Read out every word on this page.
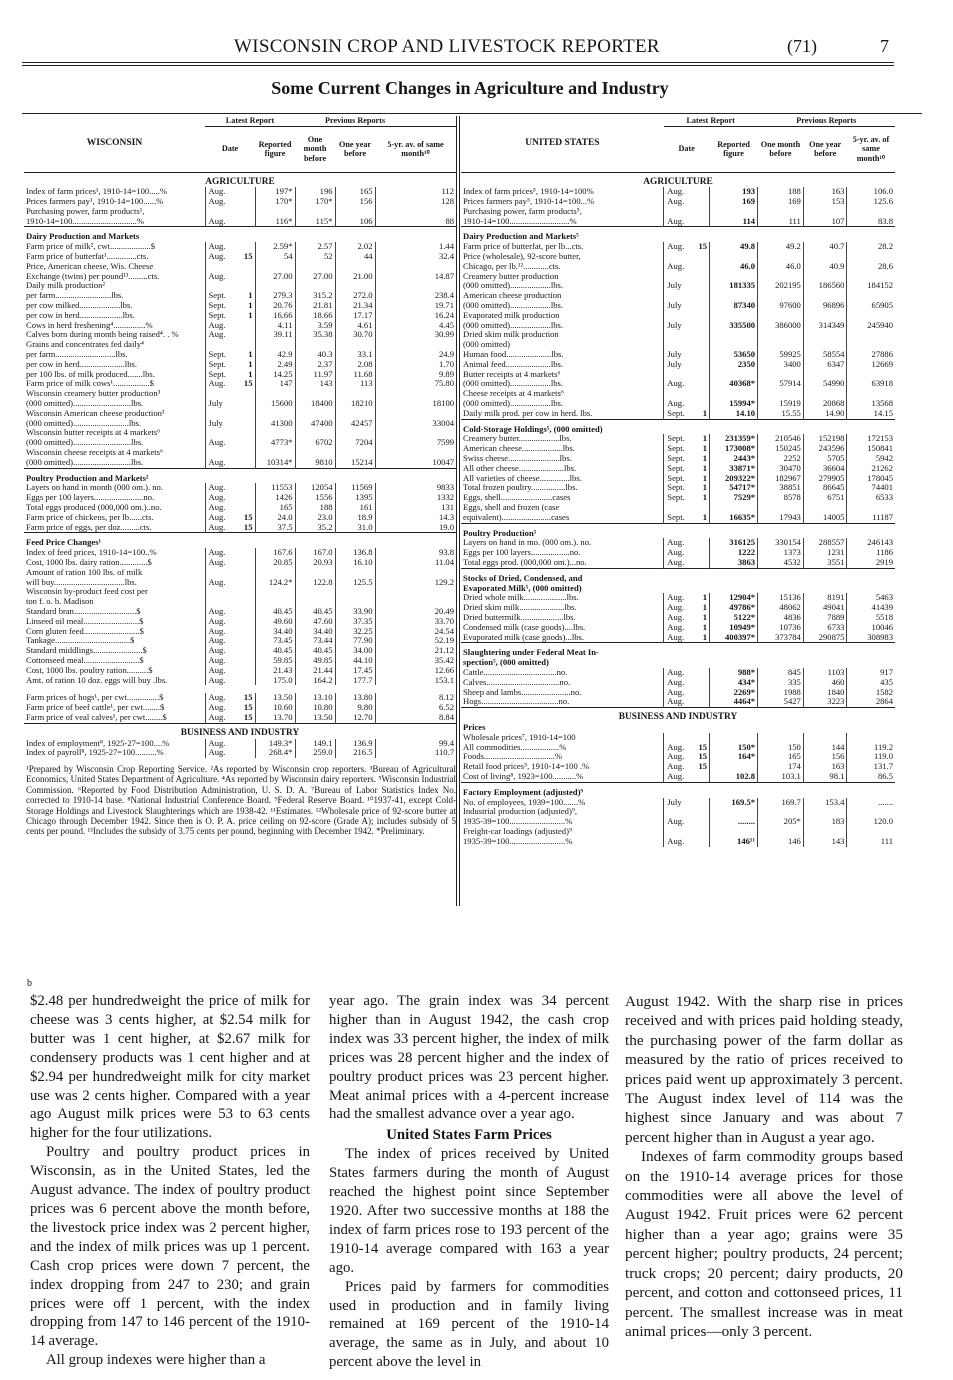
WISCONSIN CROP AND LIVESTOCK REPORTER	(71)	7
Some Current Changes in Agriculture and Industry
WISCONSIN	Latest Report			Previous Reports			
	Date		Reported figure	One month before	One year before	5-yr. av. of same month¹⁰	
AGRICULTURE							
Index of farm prices¹, 1910-14=100.....%	Aug.		197*	196	165	112	
Prices farmers pay¹, 1910-14=100......%	Aug.		170*	170*	156	128	
Purchasing power, farm products¹,							
1910-14=100..............................%	Aug.		116*	115*	106	88	
Dairy Production and Markets							
Farm price of milk², cwt...................$	Aug.		2.59*	2.57	2.02	1.44	
Farm price of butterfat¹..............cts.	Aug.	15	54	52	44	32.4	
Price, American cheese, Wis. Cheese							
Exchange (twins) per pound¹³.........cts.	Aug.		27.00	27.00	21.00	14.87	
Daily milk production²							
per farm..........................lbs.	Sept.	1	279.3	315.2	272.0	238.4	
per cow milked...................lbs.	Sept.	1	20.76	21.81	21.34	19.71	
per cow in herd....................lbs.	Sept.	1	16.66	18.66	17.17	16.24	
Cows in herd freshening⁴...............%	Aug.		4.11	3.59	4.61	4.45	
Calves born during month being raised⁴. . %	Aug.		39.11	35.38	30.70	30.99	
Grains and concentrates fed daily⁴							
per farm............................lbs.	Sept.	1	42.9	40.3	33.1	24.9	
per cow in herd.....................lbs.	Sept.	1	2.49	2.37	2.08	1.70	
per 100 lbs. of milk produced.......lbs.	Sept.	1	14.25	11.97	11.68	9.89	
Farm price of milk cows¹.................$	Aug.	15	147	143	113	75.80	
Wisconsin creamery butter production³							
(000 omitted)...........................lbs.	July		15600	18400	18210	18100	
Wisconsin American cheese production³							
(000 omitted)..........................lbs.	July		41300	47400	42457	33004	
Wisconsin butter receipts at 4 markets⁶							
(000 omitted)...........................lbs.	Aug.		4773*	6702	7204	7599	
Wisconsin cheese receipts at 4 markets⁶							
(000 omitted)...........................lbs.	Aug.		10314*	9810	15214	10047	
Poultry Production and Markets²							
Layers on hand in month (000 om.). no.	Aug.		11553	12054	11569	9833	
Eggs per 100 layers.......................no.	Aug.		1426	1556	1395	1332	
Total eggs produced (000,000 om.)..no.	Aug.		165	188	161	131	
Farm price of chickens, per lb......cts.	Aug.	15	24.0	23.0	18.9	14.3	
Farm price of eggs, per doz.........cts.	Aug.	15	37.5	35.2	31.0	19.0	
Feed Price Changes¹							
Index of feed prices, 1910-14=100..%	Aug.		167.6	167.0	136.8	93.8	
Cost, 1000 lbs. dairy ration.............$	Aug.		20.85	20.93	16.10	11.04	
Amount of ration 100 lbs. of milk							
will buy.................................lbs.	Aug.		124.2*	122.8	125.5	129.2	
Wisconsin by-product feed cost per							
ton f. o. b. Madison							
Standard bran.............................$	Aug.		40.45	40.45	33.90	20.49	
Linseed oil meal..........................$	Aug.		49.60	47.60	37.35	33.70	
Corn gluten feed..........................$	Aug.		34.40	34.40	32.25	24.54	
Tankage...................................$	Aug.		73.45	73.44	77.90	52.19	
Standard middlings.......................$	Aug.		40.45	40.45	34.00	21.12	
Cottonseed meal..........................$	Aug.		59.85	49.85	44.10	35.42	
Cost, 1000 lbs. poultry ration..........$	Aug.		21.43	21.44	17.45	12.66	
Amt. of ration 10 doz. eggs will buy .lbs.	Aug.		175.0	164.2	177.7	153.1	

Farm prices of hogs¹, per cwt...............$	Aug.	15	13.50	13.10	13.80	8.12	
Farm price of beef cattle¹, per cwt........$	Aug.	15	10.60	10.80	9.80	6.52	
Farm price of veal calves¹, per cwt........$	Aug.	15	13.70	13.50	12.70	8.84	
BUSINESS AND INDUSTRY							
Index of employment⁸, 1925-27=100....%	Aug.		149.3*	149.1	136.9	99.4	
Index of payroll⁸, 1925-27=100..........%	Aug.		268.4*	259.0	216.5	110.7	
UNITED STATES	Latest Report			Previous Reports		
	Date		Reported figure	One month before	One year before	5-yr. av. of same month¹⁰
AGRICULTURE						
Index of farm prices⁵, 1910-14=100%	Aug.		193	188	163	106.0
Prices farmers pay⁵, 1910-14=100...%	Aug.		169	169	153	125.6
Purchasing power, farm products⁵,						
1910-14=100............................%	Aug.		114	111	107	83.8
Dairy Production and Markets⁵						
Farm price of butterfat, per lb...cts.	Aug.	15	49.8	49.2	40.7	28.2
Price (wholesale), 92-score butter,						
Chicago, per lb.¹²............cts.	Aug.		46.0	46.0	40.9	28.6
Creamery butter production						
(000 omitted)...................lbs.	July		181335	202195	186560	184152
American cheese production						
(000 omitted)...................lbs.	July		87340	97600	96896	65905
Evaporated milk production						
(000 omitted)...................lbs.	July		335500	386000	314349	245940
Dried skim milk production						
(000 omitted)						
Human food.....................lbs.	July		53650	59925	58554	27886
Animal feed.....................lbs.	July		2350	3400	6347	12669
Butter receipts at 4 markets⁶						
(000 omitted)...................lbs.	Aug.		40368*	57914	54990	63918
Cheese receipts at 4 markets⁶						
(000 omitted)...................lbs.	Aug.		15994*	15919	20868	13568
Daily milk prod. per cow in herd. lbs.	Sept.	1	14.10	15.55	14.90	14.15
Cold-Storage Holdings⁵, (000 omitted)						
Creamery butter...................lbs.	Sept.	1	231359*	210546	152198	172153
American cheese...................lbs.	Sept.	1	173008*	150245	243596	150841
Swiss cheese........................lbs.	Sept.	1	2443*	2252	5705	5942
All other cheese.....................lbs.	Sept.	1	33871*	30470	36604	21262
All varieties of cheese..............lbs.	Sept.	1	209322*	182967	279905	178045
Total frozen poultry................lbs.	Sept.	1	54717*	38851	86645	74401
Eggs, shell........................cases	Sept.	1	7529*	8578	6751	6533
Eggs, shell and frozen (case						
equivalent).......................cases	Sept.	1	16635*	17943	14005	11187
Poultry Production⁵						
Layers on hand in mo. (000 om.). no.	Aug.		316125	330154	288557	246143
Eggs per 100 layers..................no.	Aug.		1222	1373	1231	1186
Total eggs prod. (000,000 om.)...no.	Aug.		3863	4532	3551	2919
Stocks of Dried, Condensed, and						
Evaporated Milk⁵, (000 omitted)						
Dried whole milk....................lbs.	Aug.	1	12904*	15136	8191	5463
Dried skim milk.....................lbs.	Aug.	1	49786*	48062	49041	41439
Dried buttermilk....................lbs.	Aug.	1	5122*	4836	7889	5518
Condensed milk (case goods)....lbs.	Aug.	1	10949*	10736	6733	10046
Evaporated milk (case goods)...lbs.	Aug.	1	400397*	373784	290875	308983
Slaughtering under Federal Meat In-						
spection⁵, (000 omitted)						
Cattle..................................no.	Aug.		988*	845	1103	917
Calves..................................no.	Aug.		434*	335	460	435
Sheep and lambs.......................no.	Aug.		2269*	1988	1840	1582
Hogs....................................no.	Aug.		4464*	5427	3223	2864
BUSINESS AND INDUSTRY						
Prices						
Wholesale prices⁷, 1910-14=100						
All commodities..................%	Aug.	15	150*	150	144	119.2
Foods.................................%	Aug.	15	164*	165	156	119.0
Retail food prices⁵, 1910-14=100 .%	Aug.	15		174	163	131.7
Cost of living⁸, 1923=100...........%	Aug.		102.8	103.1	98.1	86.5
Factory Employment (adjusted)⁹						
No. of employees, 1939=100.......%	July		169.5*	169.7	153.4	.......
Industrial production (adjusted)⁹,						
1935-39=100..........................%	Aug.		........	205*	183	120.0
Freight-car loadings (adjusted)⁹						
1935-39=100..........................%	Aug.		146¹¹	146	143	111
¹Prepared by Wisconsin Crop Reporting Service. ²As reported by Wisconsin crop reporters. ³Bureau of Agricultural Economics, United States Department of Agriculture. ⁴As reported by Wisconsin dairy reporters. ⁵Wisconsin Industrial Commission. ⁶Reported by Food Distribution Administration, U. S. D. A. ⁷Bureau of Labor Statistics Index No. corrected to 1910-14 base. ⁸National Industrial Conference Board. ⁹Federal Reserve Board. ¹⁰1937-41, except Cold-Storage Holdings and Livestock Slaughterings which are 1938-42. ¹¹Estimates. ¹²Wholesale price of 92-score butter at Chicago through December 1942. Since then is O. P. A. price ceiling on 92-score (Grade A); includes subsidy of 5 cents per pound. ¹³Includes the subsidy of 3.75 cents per pound, beginning with December 1942. *Preliminary.
b

$2.48 per hundredweight the price of milk for cheese was 3 cents higher, at $2.54 milk for butter was 1 cent higher, at $2.67 milk for condensery products was 1 cent higher and at $2.94 per hundredweight milk for city market use was 2 cents higher. Compared with a year ago August milk prices were 53 to 63 cents higher for the four utilizations.

Poultry and poultry product prices in Wisconsin, as in the United States, led the August advance. The index of poultry product prices was 6 percent above the month before, the livestock price index was 2 percent higher, and the index of milk prices was up 1 percent. Cash crop prices were down 7 percent, the index dropping from 247 to 230; and grain prices were off 1 percent, with the index dropping from 147 to 146 percent of the 1910-14 average.

All group indexes were higher than a

year ago. The grain index was 34 percent higher than in August 1942, the cash crop index was 33 percent higher, the index of milk prices was 28 percent higher and the index of poultry product prices was 23 percent higher. Meat animal prices with a 4-percent increase had the smallest advance over a year ago.

United States Farm Prices

The index of prices received by United States farmers during the month of August reached the highest point since September 1920. After two successive months at 188 the index of farm prices rose to 193 percent of the 1910-14 average compared with 163 a year ago.

Prices paid by farmers for commodities used in production and in family living remained at 169 percent of the 1910-14 average, the same as in July, and about 10 percent above the level in

August 1942. With the sharp rise in prices received and with prices paid holding steady, the purchasing power of the farm dollar as measured by the ratio of prices received to prices paid went up approximately 3 percent. The August index level of 114 was the highest since January and was about 7 percent higher than in August a year ago.

Indexes of farm commodity groups based on the 1910-14 average prices for those commodities were all above the level of August 1942. Fruit prices were 62 percent higher than a year ago; grains were 35 percent higher; poultry products, 24 percent; truck crops; 20 percent; dairy products, 20 percent, and cotton and cottonseed prices, 11 percent. The smallest increase was in meat animal prices—only 3 percent.
